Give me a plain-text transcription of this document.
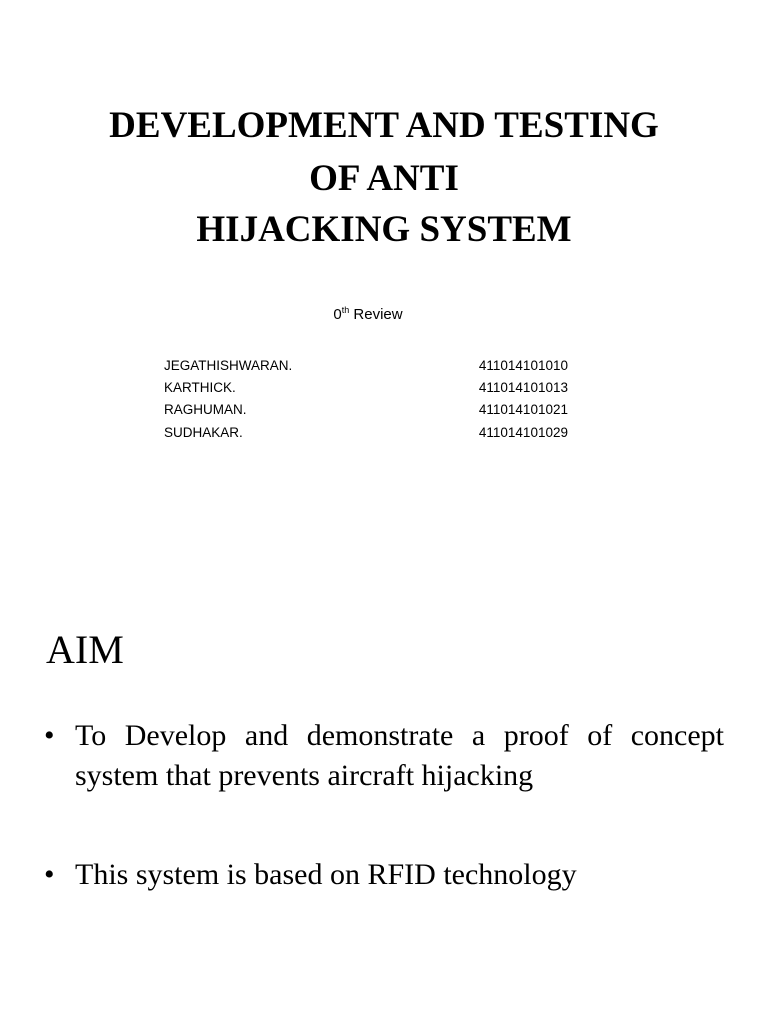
DEVELOPMENT AND TESTING
OF ANTI
HIJACKING SYSTEM
0th Review
JEGATHISHWARAN.	411014101010
KARTHICK.	411014101013
RAGHUMAN.	411014101021
SUDHAKAR.	411014101029
AIM
• To Develop and demonstrate a proof of concept system that prevents aircraft hijacking
• This system is based on RFID technology
